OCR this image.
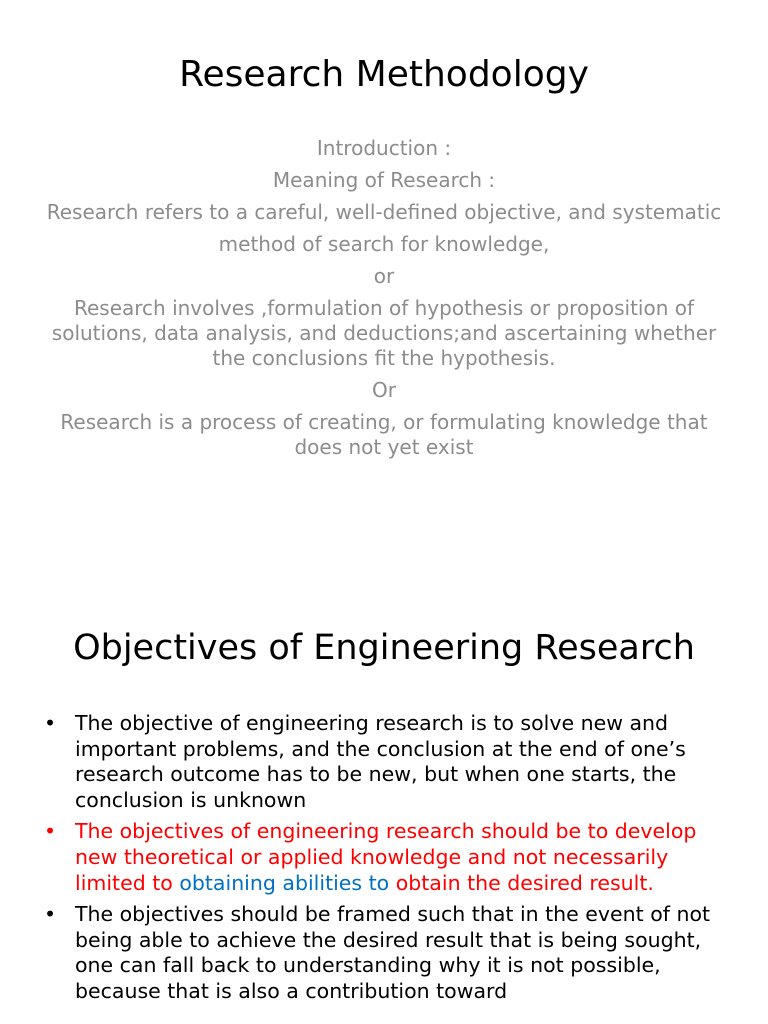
Research Methodology

Introduction :

Meaning of Research :

Research refers to a careful, well-defined objective, and systematic

method of search for knowledge,

or

Research involves ,formulation of hypothesis or proposition of solutions, data analysis, and deductions;and ascertaining whether the conclusions fit the hypothesis.

Or

Research is a process of creating, or formulating knowledge that does not yet exist

Objectives of Engineering Research
• The objective of engineering research is to solve new and important problems, and the conclusion at the end of one’s research outcome has to be new, but when one starts, the conclusion is unknown
• The objectives of engineering research should be to develop new theoretical or applied knowledge and not necessarily limited to obtaining abilities to obtain the desired result.
• The objectives should be framed such that in the event of not being able to achieve the desired result that is being sought, one can fall back to understanding why it is not possible, because that is also a contribution toward
